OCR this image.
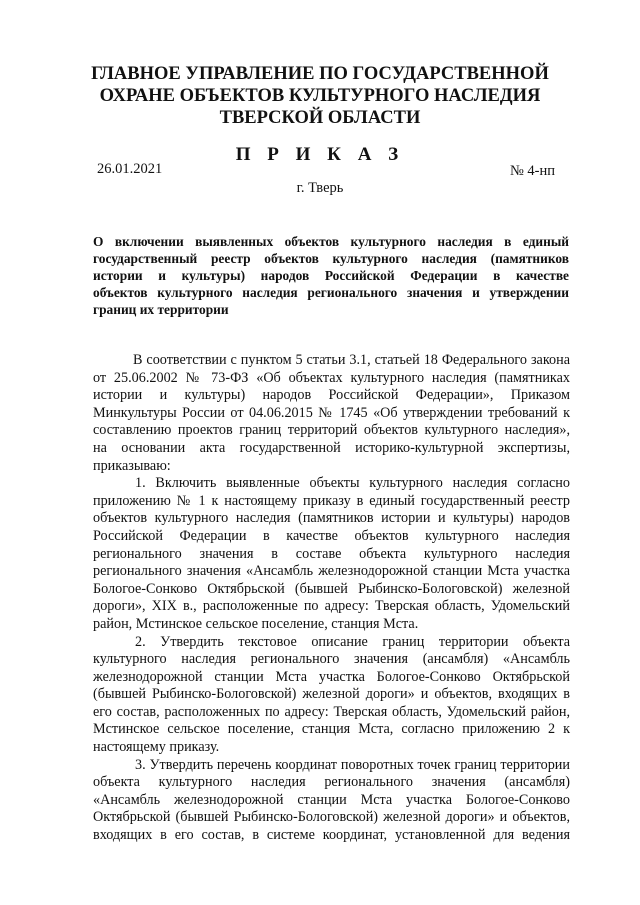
ГЛАВНОЕ УПРАВЛЕНИЕ ПО ГОСУДАРСТВЕННОЙ
ОХРАНЕ ОБЪЕКТОВ КУЛЬТУРНОГО НАСЛЕДИЯ
ТВЕРСКОЙ ОБЛАСТИ
П Р И К А З
26.01.2021	№ 4-нп
г. Тверь
О включении выявленных объектов культурного наследия в единый
государственный реестр объектов культурного наследия (памятников
истории и культуры) народов Российской Федерации в качестве
объектов культурного наследия регионального значения и утверждении
границ их территории
В соответствии с пунктом 5 статьи 3.1, статьей 18 Федерального закона
от 25.06.2002 № 73-ФЗ «Об объектах культурного наследия (памятниках
истории и культуры) народов Российской Федерации», Приказом
Минкультуры России от 04.06.2015 № 1745 «Об утверждении требований к
составлению проектов границ территорий объектов культурного наследия»,
на основании акта государственной историко-культурной экспертизы,
приказываю:
1. Включить выявленные объекты культурного наследия согласно
приложению № 1 к настоящему приказу в единый государственный реестр
объектов культурного наследия (памятников истории и культуры) народов
Российской Федерации в качестве объектов культурного наследия
регионального значения в составе объекта культурного наследия
регионального значения «Ансамбль железнодорожной станции Мста участка
Бологое-Сонково Октябрьской (бывшей Рыбинско-Бологовской) железной
дороги», XIX в., расположенные по адресу: Тверская область, Удомельский
район, Мстинское сельское поселение, станция Мста.
2. Утвердить текстовое описание границ территории объекта
культурного наследия регионального значения (ансамбля) «Ансамбль
железнодорожной станции Мста участка Бологое-Сонково Октябрьской
(бывшей Рыбинско-Бологовской) железной дороги» и объектов, входящих в
его состав, расположенных по адресу: Тверская область, Удомельский район,
Мстинское сельское поселение, станция Мста, согласно приложению 2 к
настоящему приказу.
3. Утвердить перечень координат поворотных точек границ территории
объекта культурного наследия регионального значения (ансамбля)
«Ансамбль железнодорожной станции Мста участка Бологое-Сонково
Октябрьской (бывшей Рыбинско-Бологовской) железной дороги» и объектов,
входящих в его состав, в системе координат, установленной для ведения
